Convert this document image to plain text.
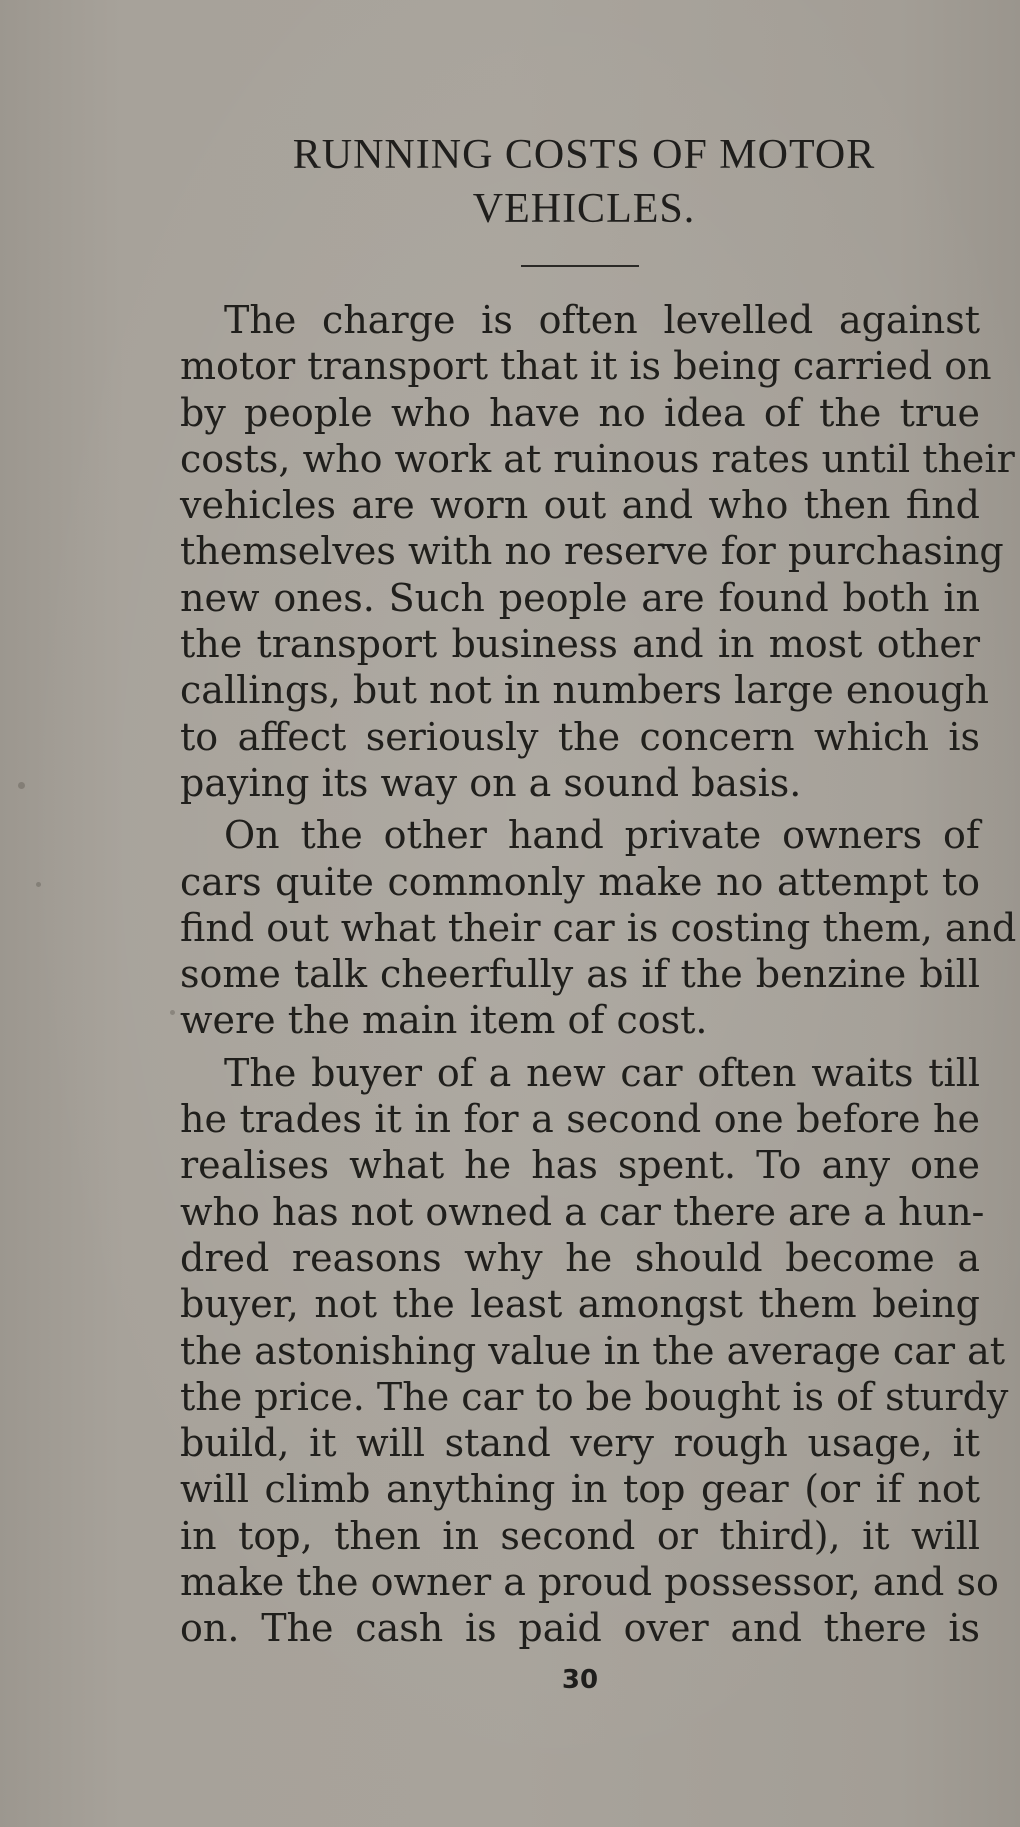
RUNNING COSTS OF MOTOR
VEHICLES.
The charge is often levelled against
motor transport that it is being carried on
by people who have no idea of the true
costs, who work at ruinous rates until their
vehicles are worn out and who then find
themselves with no reserve for purchasing
new ones. Such people are found both in
the transport business and in most other
callings, but not in numbers large enough
to affect seriously the concern which is
paying its way on a sound basis.
On the other hand private owners of
cars quite commonly make no attempt to
find out what their car is costing them, and
some talk cheerfully as if the benzine bill
were the main item of cost.
The buyer of a new car often waits till
he trades it in for a second one before he
realises what he has spent. To any one
who has not owned a car there are a hun-
dred reasons why he should become a
buyer, not the least amongst them being
the astonishing value in the average car at
the price. The car to be bought is of sturdy
build, it will stand very rough usage, it
will climb anything in top gear (or if not
in top, then in second or third), it will
make the owner a proud possessor, and so
on. The cash is paid over and there is

30
